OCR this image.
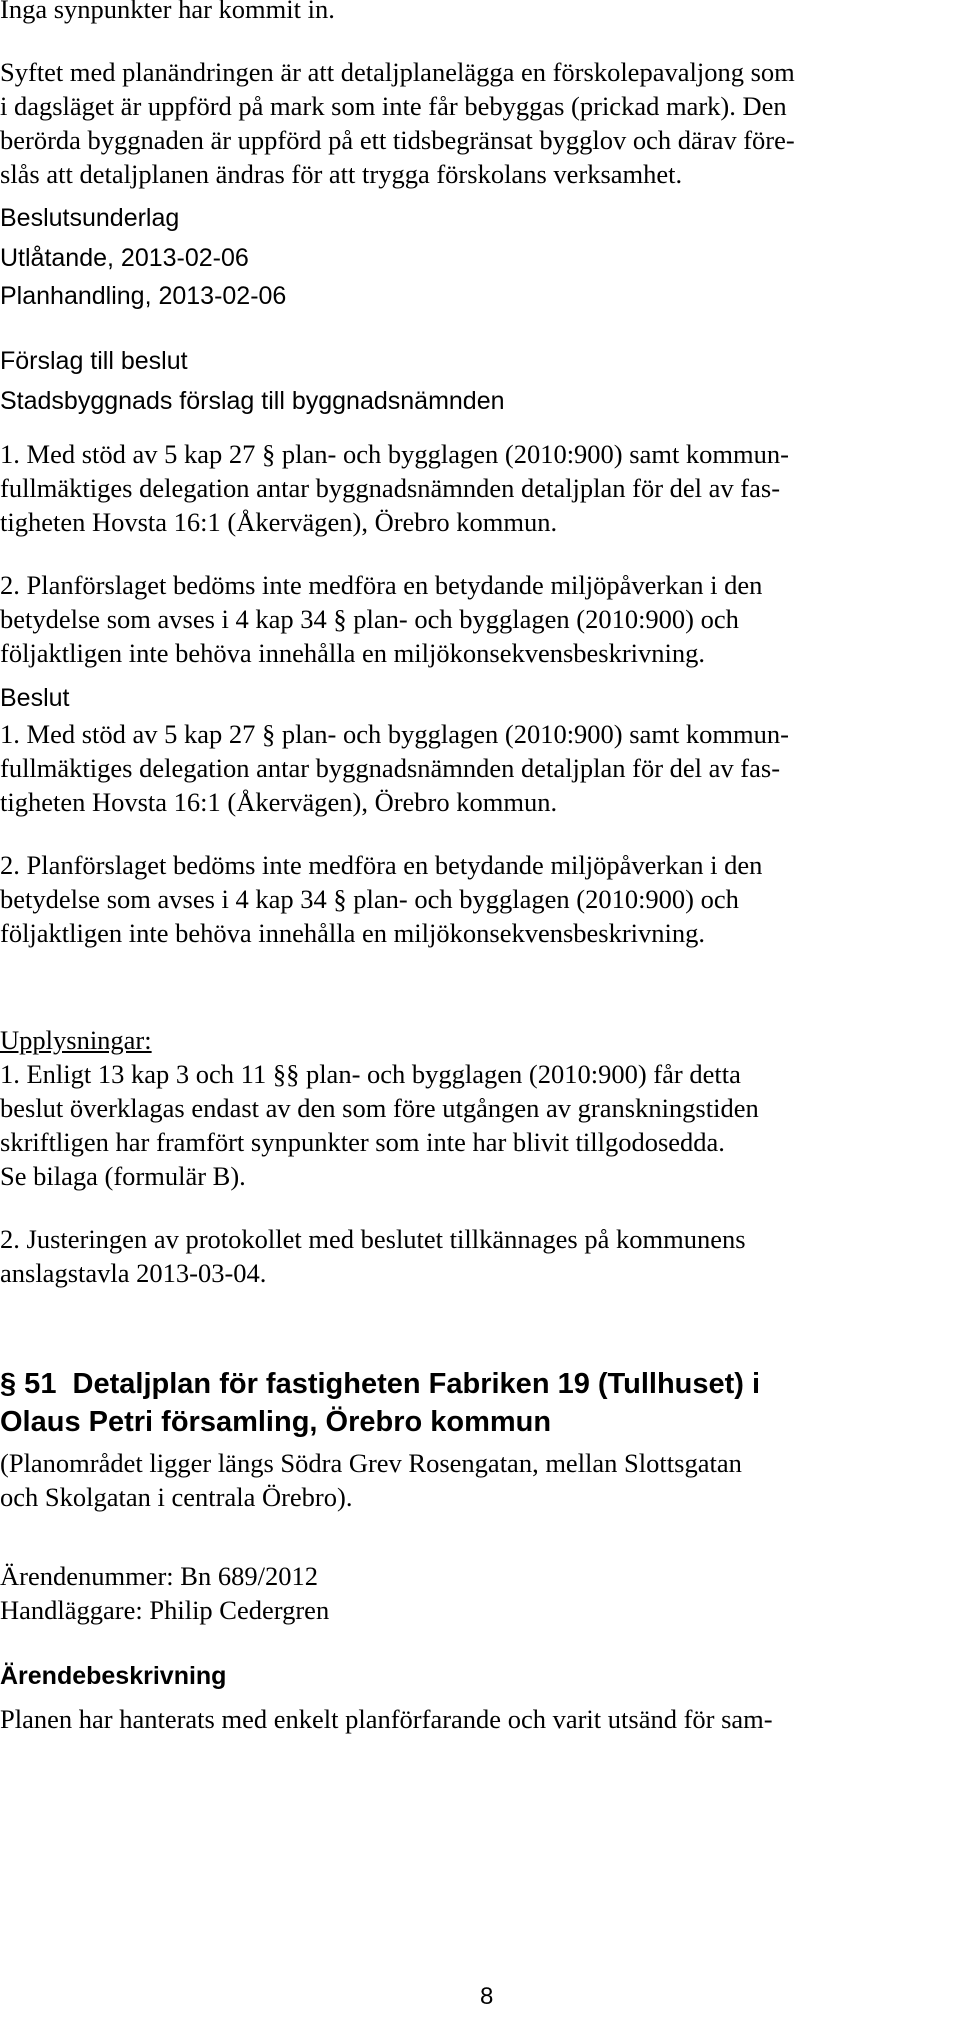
Inga synpunkter har kommit in.
Syftet med planändringen är att detaljplanelägga en förskolepavaljong som
i dagsläget är uppförd på mark som inte får bebyggas (prickad mark). Den
berörda byggnaden är uppförd på ett tidsbegränsat bygglov och därav före-
slås att detaljplanen ändras för att trygga förskolans verksamhet.
Beslutsunderlag
Utlåtande, 2013-02-06
Planhandling, 2013-02-06
Förslag till beslut
Stadsbyggnads förslag till byggnadsnämnden
1. Med stöd av 5 kap 27 § plan- och bygglagen (2010:900) samt kommun-
fullmäktiges delegation antar byggnadsnämnden detaljplan för del av fas-
tigheten Hovsta 16:1 (Åkervägen), Örebro kommun.
2. Planförslaget bedöms inte medföra en betydande miljöpåverkan i den
betydelse som avses i 4 kap 34 § plan- och bygglagen (2010:900) och
följaktligen inte behöva innehålla en miljökonsekvensbeskrivning.
Beslut
1. Med stöd av 5 kap 27 § plan- och bygglagen (2010:900) samt kommun-
fullmäktiges delegation antar byggnadsnämnden detaljplan för del av fas-
tigheten Hovsta 16:1 (Åkervägen), Örebro kommun.
2. Planförslaget bedöms inte medföra en betydande miljöpåverkan i den
betydelse som avses i 4 kap 34 § plan- och bygglagen (2010:900) och
följaktligen inte behöva innehålla en miljökonsekvensbeskrivning.
Upplysningar:
1. Enligt 13 kap 3 och 11 §§ plan- och bygglagen (2010:900) får detta
beslut överklagas endast av den som före utgången av granskningstiden
skriftligen har framfört synpunkter som inte har blivit tillgodosedda.
Se bilaga (formulär B).
2. Justeringen av protokollet med beslutet tillkännages på kommunens
anslagstavla 2013-03-04.
§ 51  Detaljplan för fastigheten Fabriken 19 (Tullhuset) i
Olaus Petri församling, Örebro kommun
(Planområdet ligger längs Södra Grev Rosengatan, mellan Slottsgatan
och Skolgatan i centrala Örebro).
Ärendenummer: Bn 689/2012
Handläggare: Philip Cedergren
Ärendebeskrivning
Planen har hanterats med enkelt planförfarande och varit utsänd för sam-
8
